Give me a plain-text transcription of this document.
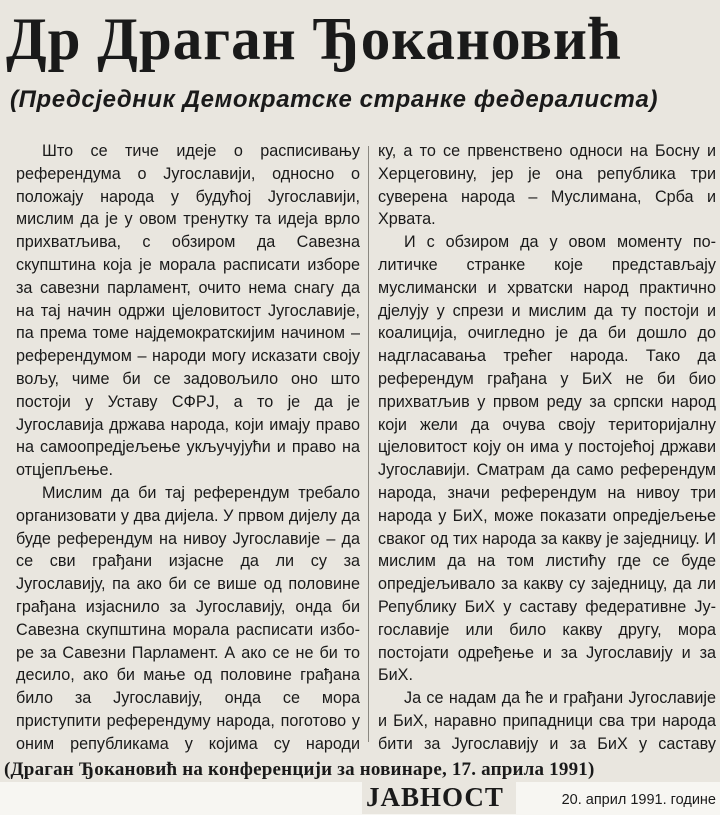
Др Драган Ђокановић
(Предсједник Демократске странке федералиста)

Што се тиче идеје о расписивању референдума о Југославији, односно о положају народа у будућој Југославији, мислим да је у овом тренутку та идеја врло прихватљива, с обзиром да Савезна скупштина која је морала расписати изборе за савезни парламент, очито нема снагу да на тај начин одржи цјеловитост Југославије, па према томе најдемократскијим начином – референдумом – народи могу исказати своју вољу, чиме би се задовољило оно што постоји у Уставу СФРЈ, а то је да је Југославија држава народа, који имају право на самоопредјељење укључујући и право на отцјепљење.

Мислим да би тај референдум требало организовати у два дијела. У првом дијелу да буде референдум на нивоу Југославије – да се сви грађани изјасне да ли су за Југославију, па ако би се више од половине грађана изјаснило за Југославију, онда би Савезна скупштина морала расписати изборе за Савезни Парламент. А ако се не би то десило, ако би мање од половине грађана било за Југославију, онда се мора приступити референдуму народа, поготово у оним републикама у којима су народи

ку, а то се првенствено односи на Босну и Херцеговину, јер је она република три суверена народа – Муслимана, Срба и Хрвата.

И с обзиром да у овом моменту политичке странке које представљају муслимански и хрватски народ практично дјелују у спрези и мислим да ту постоји и коалиција, очигледно је да би дошло до надгласавања трећег народа. Тако да референдум грађана у БиХ не би био прихватљив у првом реду за српски народ који жели да очува своју територијалну цјеловитост коју он има у постојећој држави Југославији. Сматрам да само референдум народа, значи референдум на нивоу три народа у БиХ, може показати опредјељење сваког од тих народа за какву је заједницу. И мислим да на том листићу где се буде опредјељивало за какву су заједницу, да ли Републику БиХ у саставу федеративне Југославије или било какву другу, мора постојати одређење и за Југославију и за БиХ.

Ја се надам да ће и грађани Југославије и БиХ, наравно припадници сва три народа бити за Југославију и за БиХ у саставу

(Драган Ђокановић на конференцији за новинаре, 17. априла 1991)
ЈАВНОСТ	20. април 1991. године
